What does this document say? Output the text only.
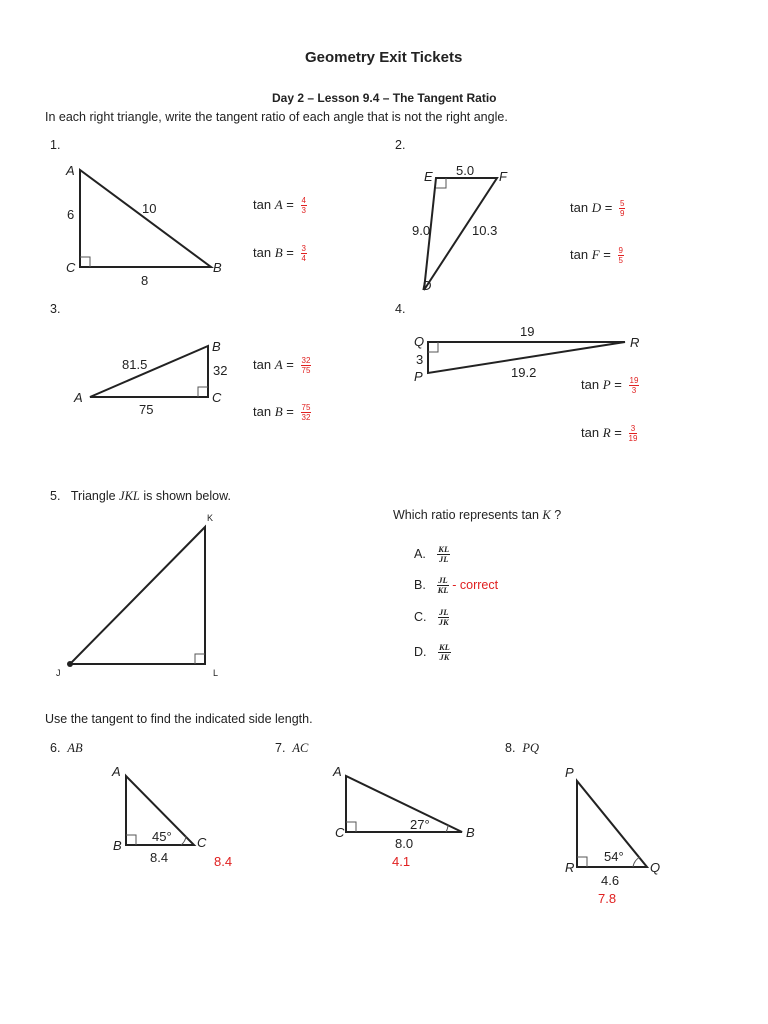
Geometry Exit Tickets
Day 2 – Lesson 9.4 – The Tangent Ratio
In each right triangle, write the tangent ratio of each angle that is not the right angle.
1.	2.
3.	4.
A
C	B
6	10
8
E	F
D
5.0
9.0	10.3
A
B
C
81.5	32
75
Q
P
R
19
3
19.2
K
J	L
A
B	C
45°
8.4	8.4
A
C	B
27°
8.0
4.1
P
R	Q
54°
4.6
7.8
$\tan A = \frac{4}{3}$
$\tan B = \frac{3}{4}$
$\tan D = \frac{5}{9}$
$\tan F = \frac{9}{5}$
$\tan A = \frac{32}{75}$
$\tan B = \frac{75}{32}$
$\tan P = \frac{19}{3}$
$\tan R = \frac{3}{19}$
5. Triangle JKL is shown below.
Which ratio represents tan K ?
A. $\frac{KL}{JL}$
B. $\frac{JL}{KL}$ - correct
C. $\frac{JL}{JK}$
D. $\frac{KL}{JK}$
Use the tangent to find the indicated side length.
6. AB	7. AC	8. PQ
